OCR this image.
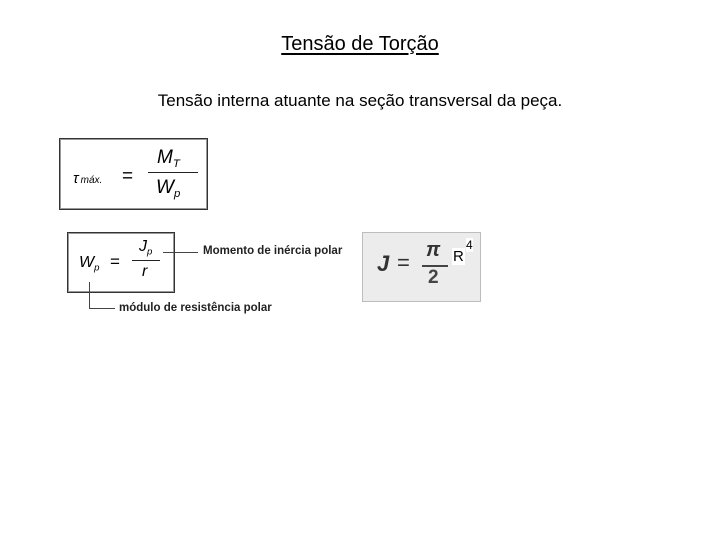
Tensão de Torção
Tensão interna atuante na seção transversal da peça.
τmáx. =
$M_T$
$W_p$
$W_p$ =
$J_p$
r
Momento de inércia polar
módulo de resistência polar
J = π
2
R
4
